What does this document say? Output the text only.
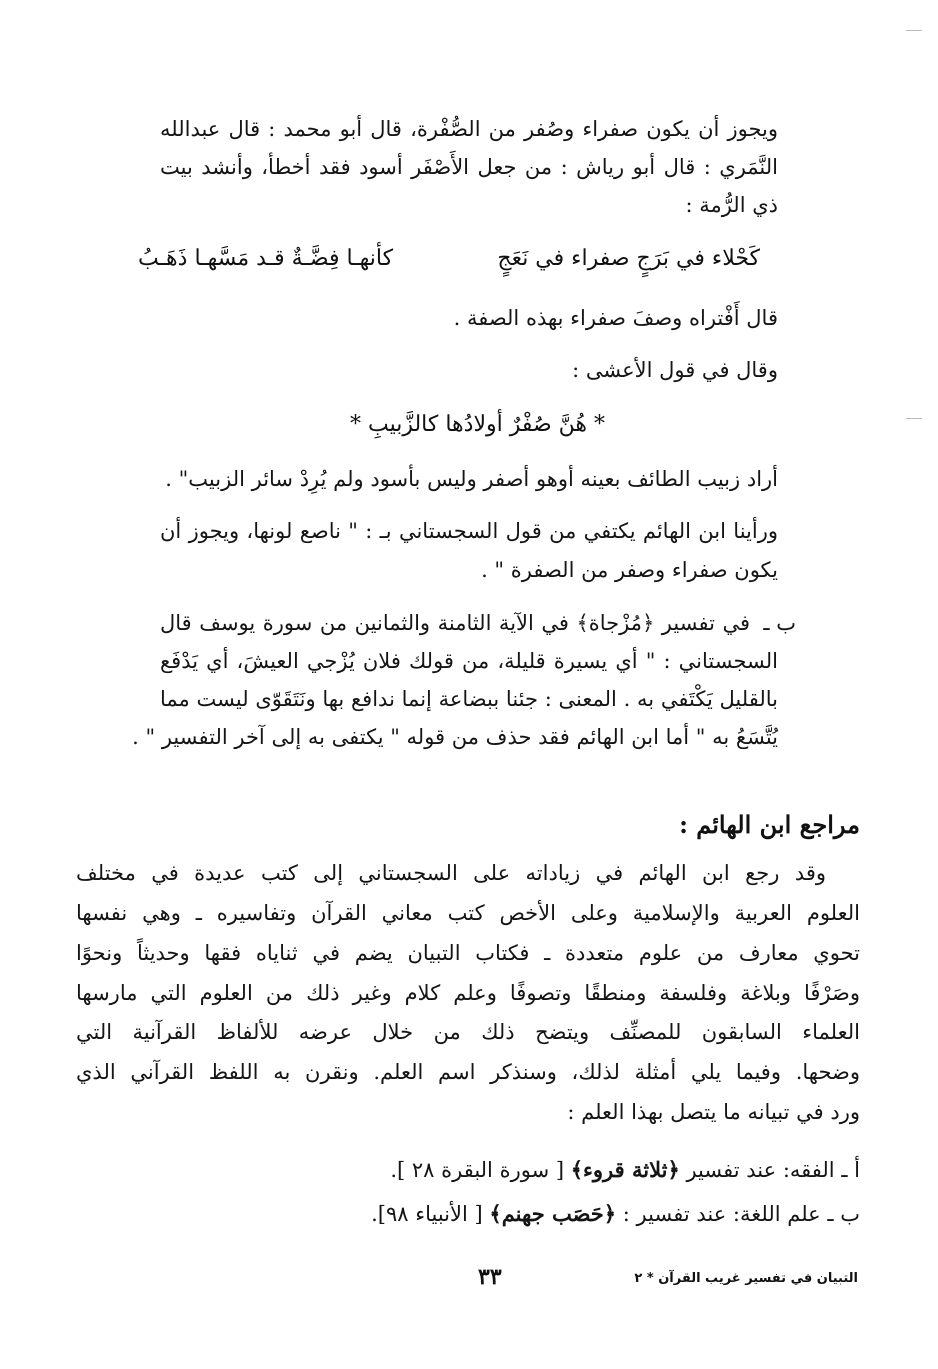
ويجوز أن يكون صفراء وصُفر من الصُّفْرة، قال أبو محمد : قال عبدالله
النَّمَري : قال أبو رياش : من جعل الأَصْفَر أسود فقد أخطأ، وأنشد بيت
ذي الرُّمة :
كَحْلاء في بَرَجٍ صفراء في نَعَجٍ
كأنهـا فِضَّـةٌ قـد مَسَّهـا ذَهَـبُ
قال أَفْتراه وصفَ صفراء بهذه الصفة .
وقال في قول الأعشى :
* هُنَّ صُفْرٌ أولادُها كالزَّبيبِ *
أراد زبيب الطائف بعينه أوهو أصفر وليس بأسود ولم يُرِدْ سائر الزبيب" .
ورأينا ابن الهائم يكتفي من قول السجستاني بـ : " ناصع لونها، ويجوز أن
يكون صفراء وصفر من الصفرة " .
ب ـ
في تفسير ﴿مُزْجاة﴾ في الآية الثامنة والثمانين من سورة يوسف قال
السجستاني : " أي يسيرة قليلة، من قولك فلان يُزْجي العيشَ، أي يَدْفَع
بالقليل يَكْتَفي به . المعنى : جئنا ببضاعة إنما ندافع بها ونَتَقَوّى ليست مما
يُتَّسَعُ به " أما ابن الهائم فقد حذف من قوله " يكتفى به إلى آخر التفسير " .
مراجع ابن الهائم :
وقد رجع ابن الهائم في زياداته على السجستاني إلى كتب عديدة في مختلف
العلوم العربية والإسلامية وعلى الأخص كتب معاني القرآن وتفاسيره ـ وهي نفسها
تحوي معارف من علوم متعددة ـ فكتاب التبيان يضم في ثناياه فقها وحديثاً ونحوًا
وصَرْفًا وبلاغة وفلسفة ومنطقًا وتصوفًا وعلم كلام وغير ذلك من العلوم التي مارسها
العلماء السابقون للمصنِّف ويتضح ذلك من خلال عرضه للألفاظ القرآنية التي
وضحها. وفيما يلي أمثلة لذلك، وسنذكر اسم العلم. ونقرن به اللفظ القرآني الذي
ورد في تبيانه ما يتصل بهذا العلم :
أ ـ الفقه: عند تفسير ﴿ثلاثة قروء﴾ [ سورة البقرة ٢٨ ].
ب ـ علم اللغة: عند تفسير : ﴿حَصَب جهنم﴾ [ الأنبياء ٩٨].
٣٣	التبيان في تفسير غريب القرآن * ٢
